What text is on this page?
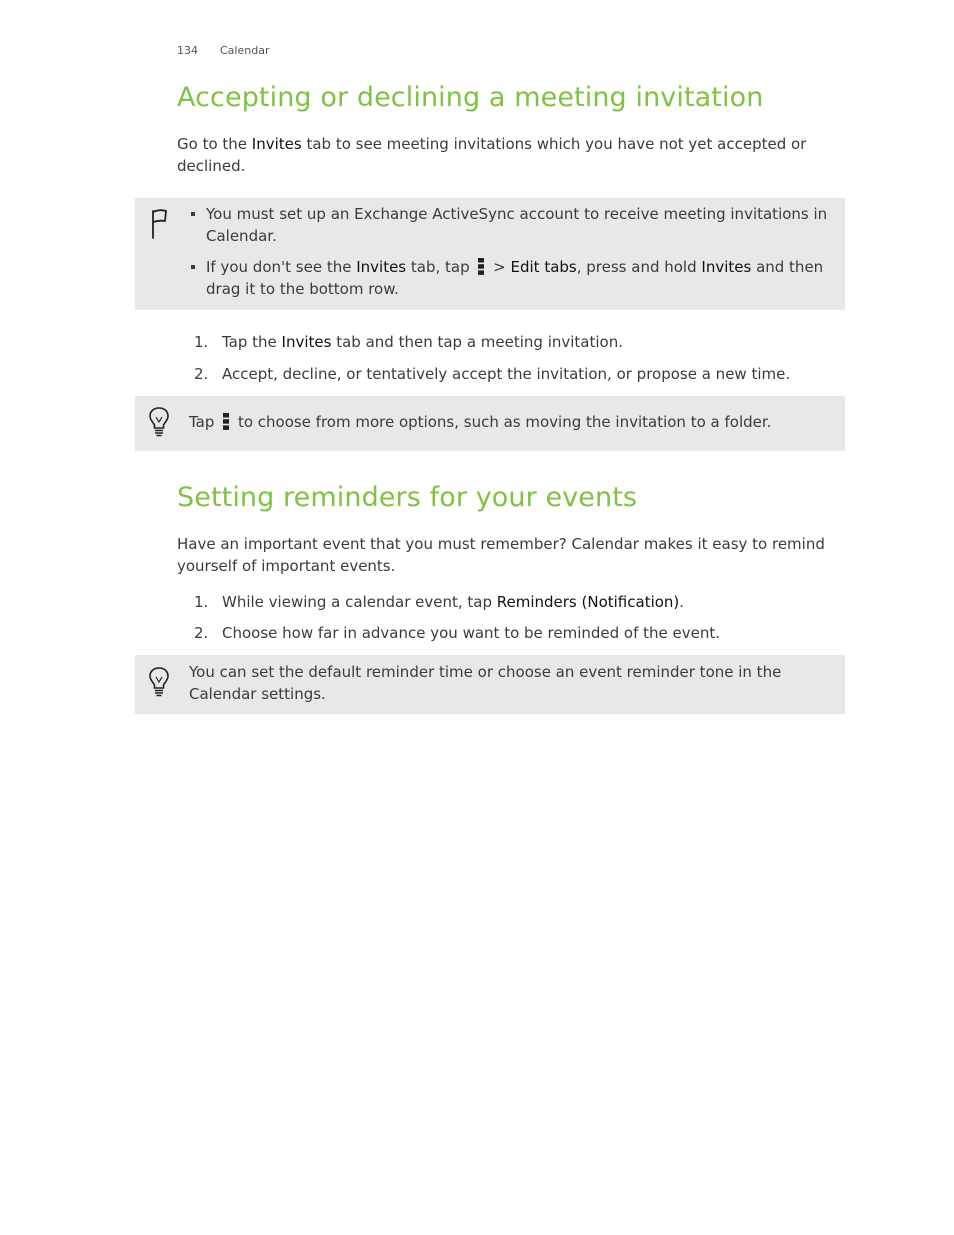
134 Calendar
Accepting or declining a meeting invitation

Go to the Invites tab to see meeting invitations which you have not yet accepted or declined.

You must set up an Exchange ActiveSync account to receive meeting invitations in Calendar.
If you don't see the Invites tab, tap  > Edit tabs, press and hold Invites and then drag it to the bottom row.
1. Tap the Invites tab and then tap a meeting invitation.
2. Accept, decline, or tentatively accept the invitation, or propose a new time.
Tap  to choose from more options, such as moving the invitation to a folder.
Setting reminders for your events

Have an important event that you must remember? Calendar makes it easy to remind yourself of important events.

1. While viewing a calendar event, tap Reminders (Notification).
2. Choose how far in advance you want to be reminded of the event.
You can set the default reminder time or choose an event reminder tone in the Calendar settings.
